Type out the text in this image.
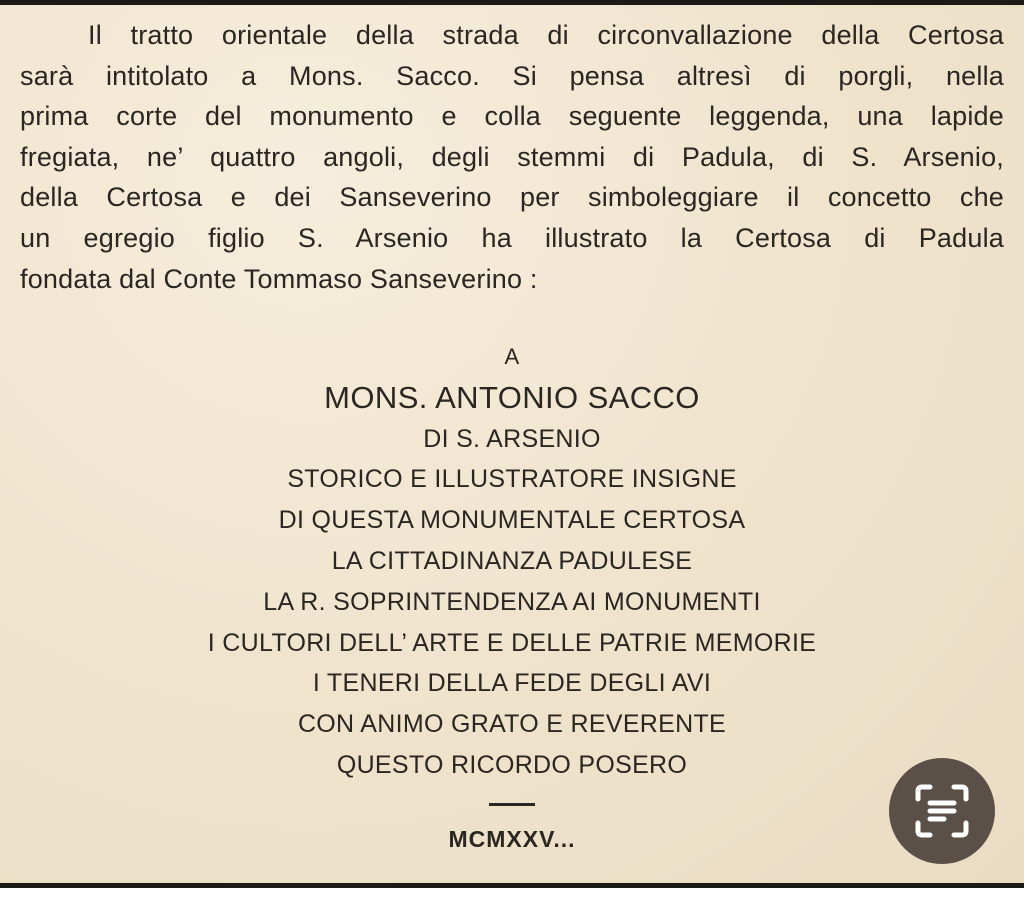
Il tratto orientale della strada di circonvallazione della Certosa
sarà intitolato a Mons. Sacco. Si pensa altresì di porgli, nella
prima corte del monumento e colla seguente leggenda, una lapide
fregiata, ne’ quattro angoli, degli stemmi di Padula, di S. Arsenio,
della Certosa e dei Sanseverino per simboleggiare il concetto che
un egregio figlio S. Arsenio ha illustrato la Certosa di Padula
fondata dal Conte Tommaso Sanseverino :
A
MONS. ANTONIO SACCO
DI S. ARSENIO
STORICO E ILLUSTRATORE INSIGNE
DI QUESTA MONUMENTALE CERTOSA
LA CITTADINANZA PADULESE
LA R. SOPRINTENDENZA AI MONUMENTI
I CULTORI DELL’ ARTE E DELLE PATRIE MEMORIE
I TENERI DELLA FEDE DEGLI AVI
CON ANIMO GRATO E REVERENTE
QUESTO RICORDO POSERO
MCMXXV...
